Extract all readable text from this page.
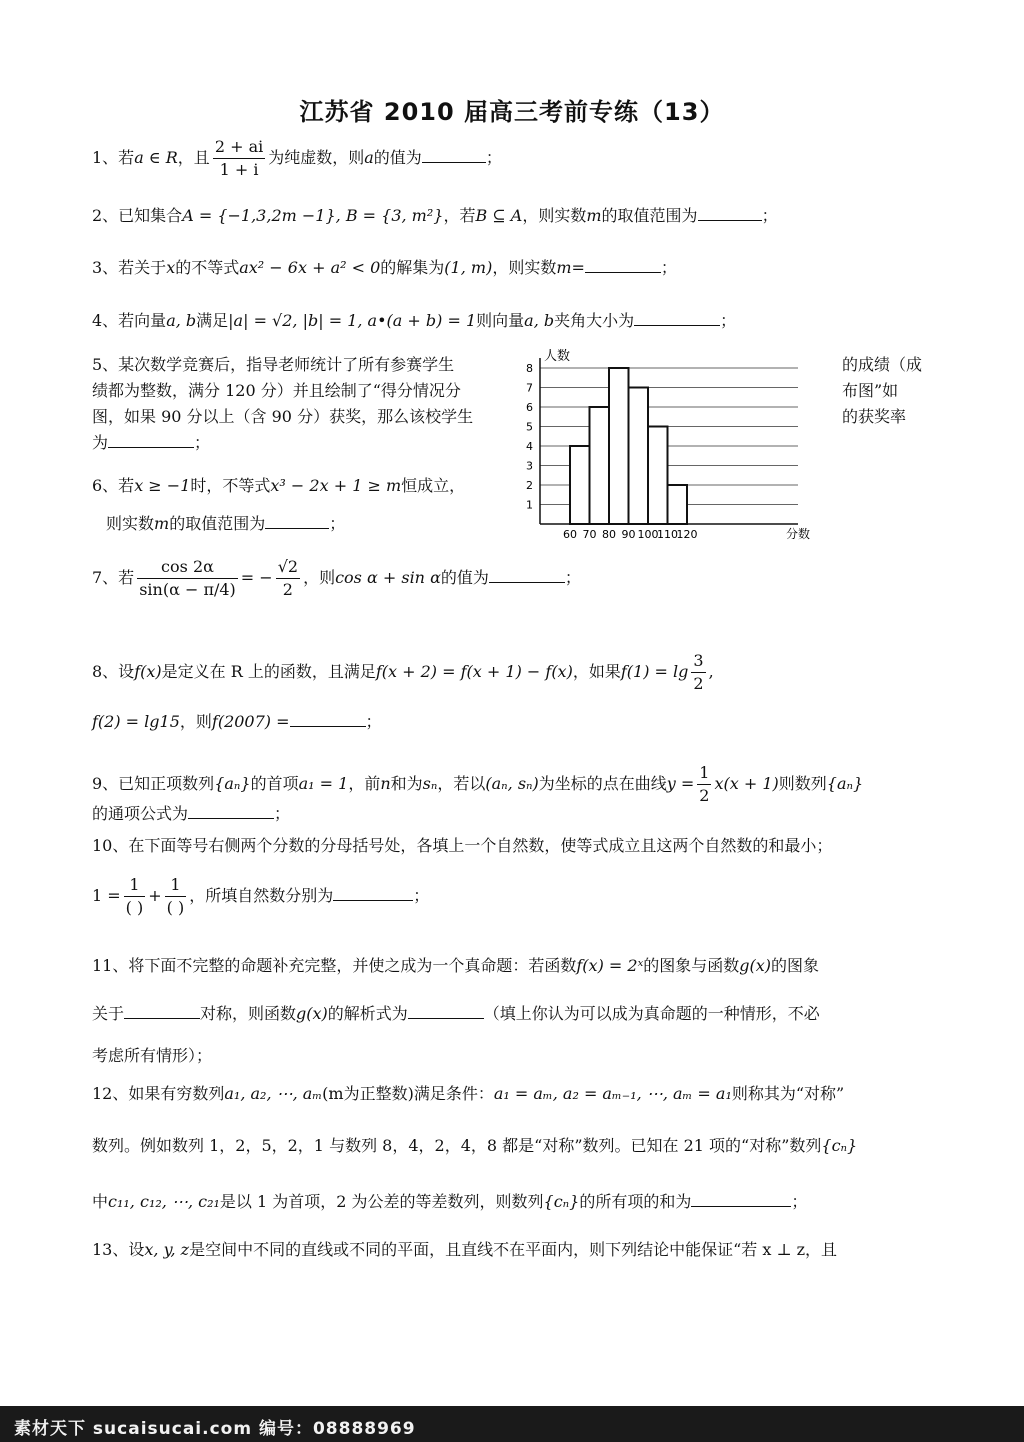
江苏省 2010 届高三考前专练（13）
1、若a ∈ R，且 $\frac{2 + ai}{1 + i}$ 为纯虚数，则a的值为	；
2、已知集合A = {−1,3,2m −1}, B = {3, m²}，若B ⊆ A，则实数m的取值范围为	；
3、若关于x的不等式ax² − 6x + a² < 0的解集为(1, m)，则实数m=	；
4、若向量a, b满足|a| = √2, |b| = 1, a•(a + b) = 1则向量a, b夹角大小为	；
5、某次数学竞赛后，指导老师统计了所有参赛学生
绩都为整数，满分 120 分）并且绘制了“得分情况分
图，如果 90 分以上（含 90 分）获奖，那么该校学生
为	；
的成绩（成
布图”如
的获奖率
人数
分数
1
2
3
4
5
6
7
8
60 70 80 90 100
110
120
6、若x ≥ −1时，不等式x³ − 2x + 1 ≥ m恒成立，
则实数m的取值范围为	；
7、若 $\frac{\cos 2\alpha}{\sin(\alpha - \pi/4)}$ = − $\frac{√2}{2}$ ，则cos α + sin α的值为	；
8、设f(x)是定义在 R 上的函数，且满足f(x + 2) = f(x + 1) − f(x)，如果$f(1) = \lg \frac{3}{2}$ ,
f(2) = lg15，则f(2007) =	；
9、已知正项数列{aₙ}的首项a₁ = 1，前n和为sₙ，若以(aₙ, sₙ)为坐标的点在曲线$y = \frac{1}{2} x(x + 1)$则数列{aₙ}
的通项公式为	；
10、在下面等号右侧两个分数的分母括号处，各填上一个自然数，使等式成立且这两个自然数的和最小；
$1 = \frac{1}{( )} + \frac{1}{( )}$ ，所填自然数分别为	；
11、将下面不完整的命题补充完整，并使之成为一个真命题：若函数f(x) = 2ˣ的图象与函数g(x)的图象
关于	对称，则函数g(x)的解析式为	（填上你认为可以成为真命题的一种情形，不必
考虑所有情形）；
12、如果有穷数列a₁, a₂, ⋯, aₘ(m为正整数)满足条件：a₁ = aₘ, a₂ = aₘ₋₁, ⋯, aₘ = a₁则称其为“对称”
数列。例如数列 1，2，5，2，1 与数列 8，4，2，4，8 都是“对称”数列。已知在 21 项的“对称”数列{cₙ}
中c₁₁, c₁₂, ⋯, c₂₁是以 1 为首项，2 为公差的等差数列，则数列{cₙ}的所有项的和为	；
13、设x, y, z是空间中不同的直线或不同的平面，且直线不在平面内，则下列结论中能保证“若 x ⊥ z，且
素材天下 sucaisucai.com 编号：08888969
